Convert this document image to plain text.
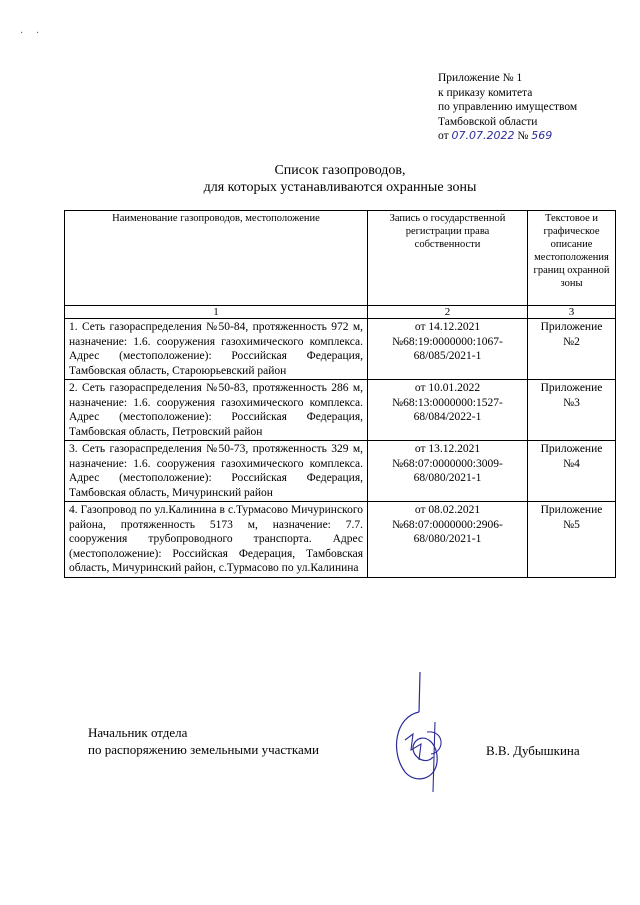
·     ·
Приложение № 1
к приказу комитета
по управлению имуществом
Тамбовской области
от 07.07.2022 № 569
Список газопроводов,
для которых устанавливаются охранные зоны
Наименование газопроводов, местоположение	Запись о государственной регистрации права собственности	Текстовое и графическое описание местоположения границ охранной зоны
1	2	3
1. Сеть газораспределения №50-84, протяженность 972 м, назначение: 1.6. сооружения газохимического комплекса. Адрес (местоположение): Российская Федерация, Тамбовская область, Староюрьевский район	от 14.12.2021 №68:19:0000000:1067-68/085/2021-1	Приложение №2
2. Сеть газораспределения №50-83, протяженность 286 м, назначение: 1.6. сооружения газохимического комплекса. Адрес (местоположение): Российская Федерация, Тамбовская область, Петровский район	от 10.01.2022 №68:13:0000000:1527-68/084/2022-1	Приложение №3
3. Сеть газораспределения №50-73, протяженность 329 м, назначение: 1.6. сооружения газохимического комплекса. Адрес (местоположение): Российская Федерация, Тамбовская область, Мичуринский район	от 13.12.2021 №68:07:0000000:3009-68/080/2021-1	Приложение №4
4. Газопровод по ул.Калинина в с.Турмасово Мичуринского района, протяженность 5173 м, назначение: 7.7. сооружения трубопроводного транспорта. Адрес (местоположение): Российская Федерация, Тамбовская область, Мичуринский район, с.Турмасово по ул.Калинина	от 08.02.2021 №68:07:0000000:2906-68/080/2021-1	Приложение №5
Начальник отдела
по распоряжению земельными участками	В.В. Дубышкина
